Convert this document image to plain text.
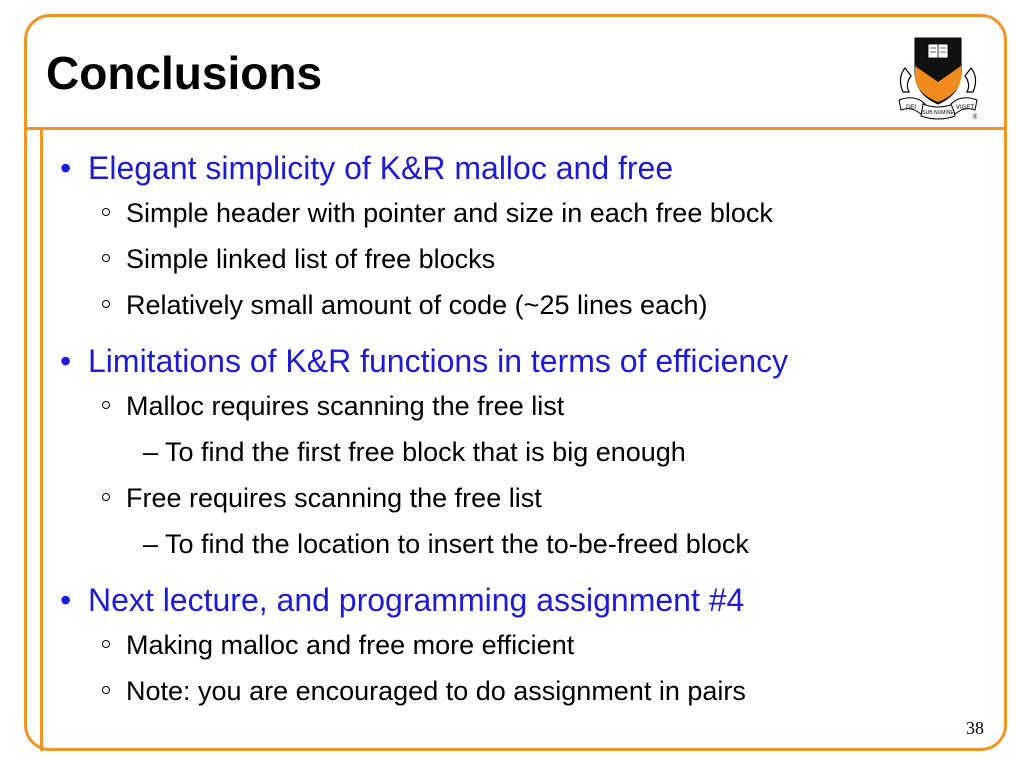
Conclusions
DEI
SUB NUMINE
VIGET
®

• Elegant simplicity of K&R malloc and free

Simple header with pointer and size in each free block

Simple linked list of free blocks

Relatively small amount of code (~25 lines each)

• Limitations of K&R functions in terms of efficiency

Malloc requires scanning the free list

– To find the first free block that is big enough

Free requires scanning the free list

– To find the location to insert the to-be-freed block

• Next lecture, and programming assignment #4

Making malloc and free more efficient

Note: you are encouraged to do assignment in pairs

38
